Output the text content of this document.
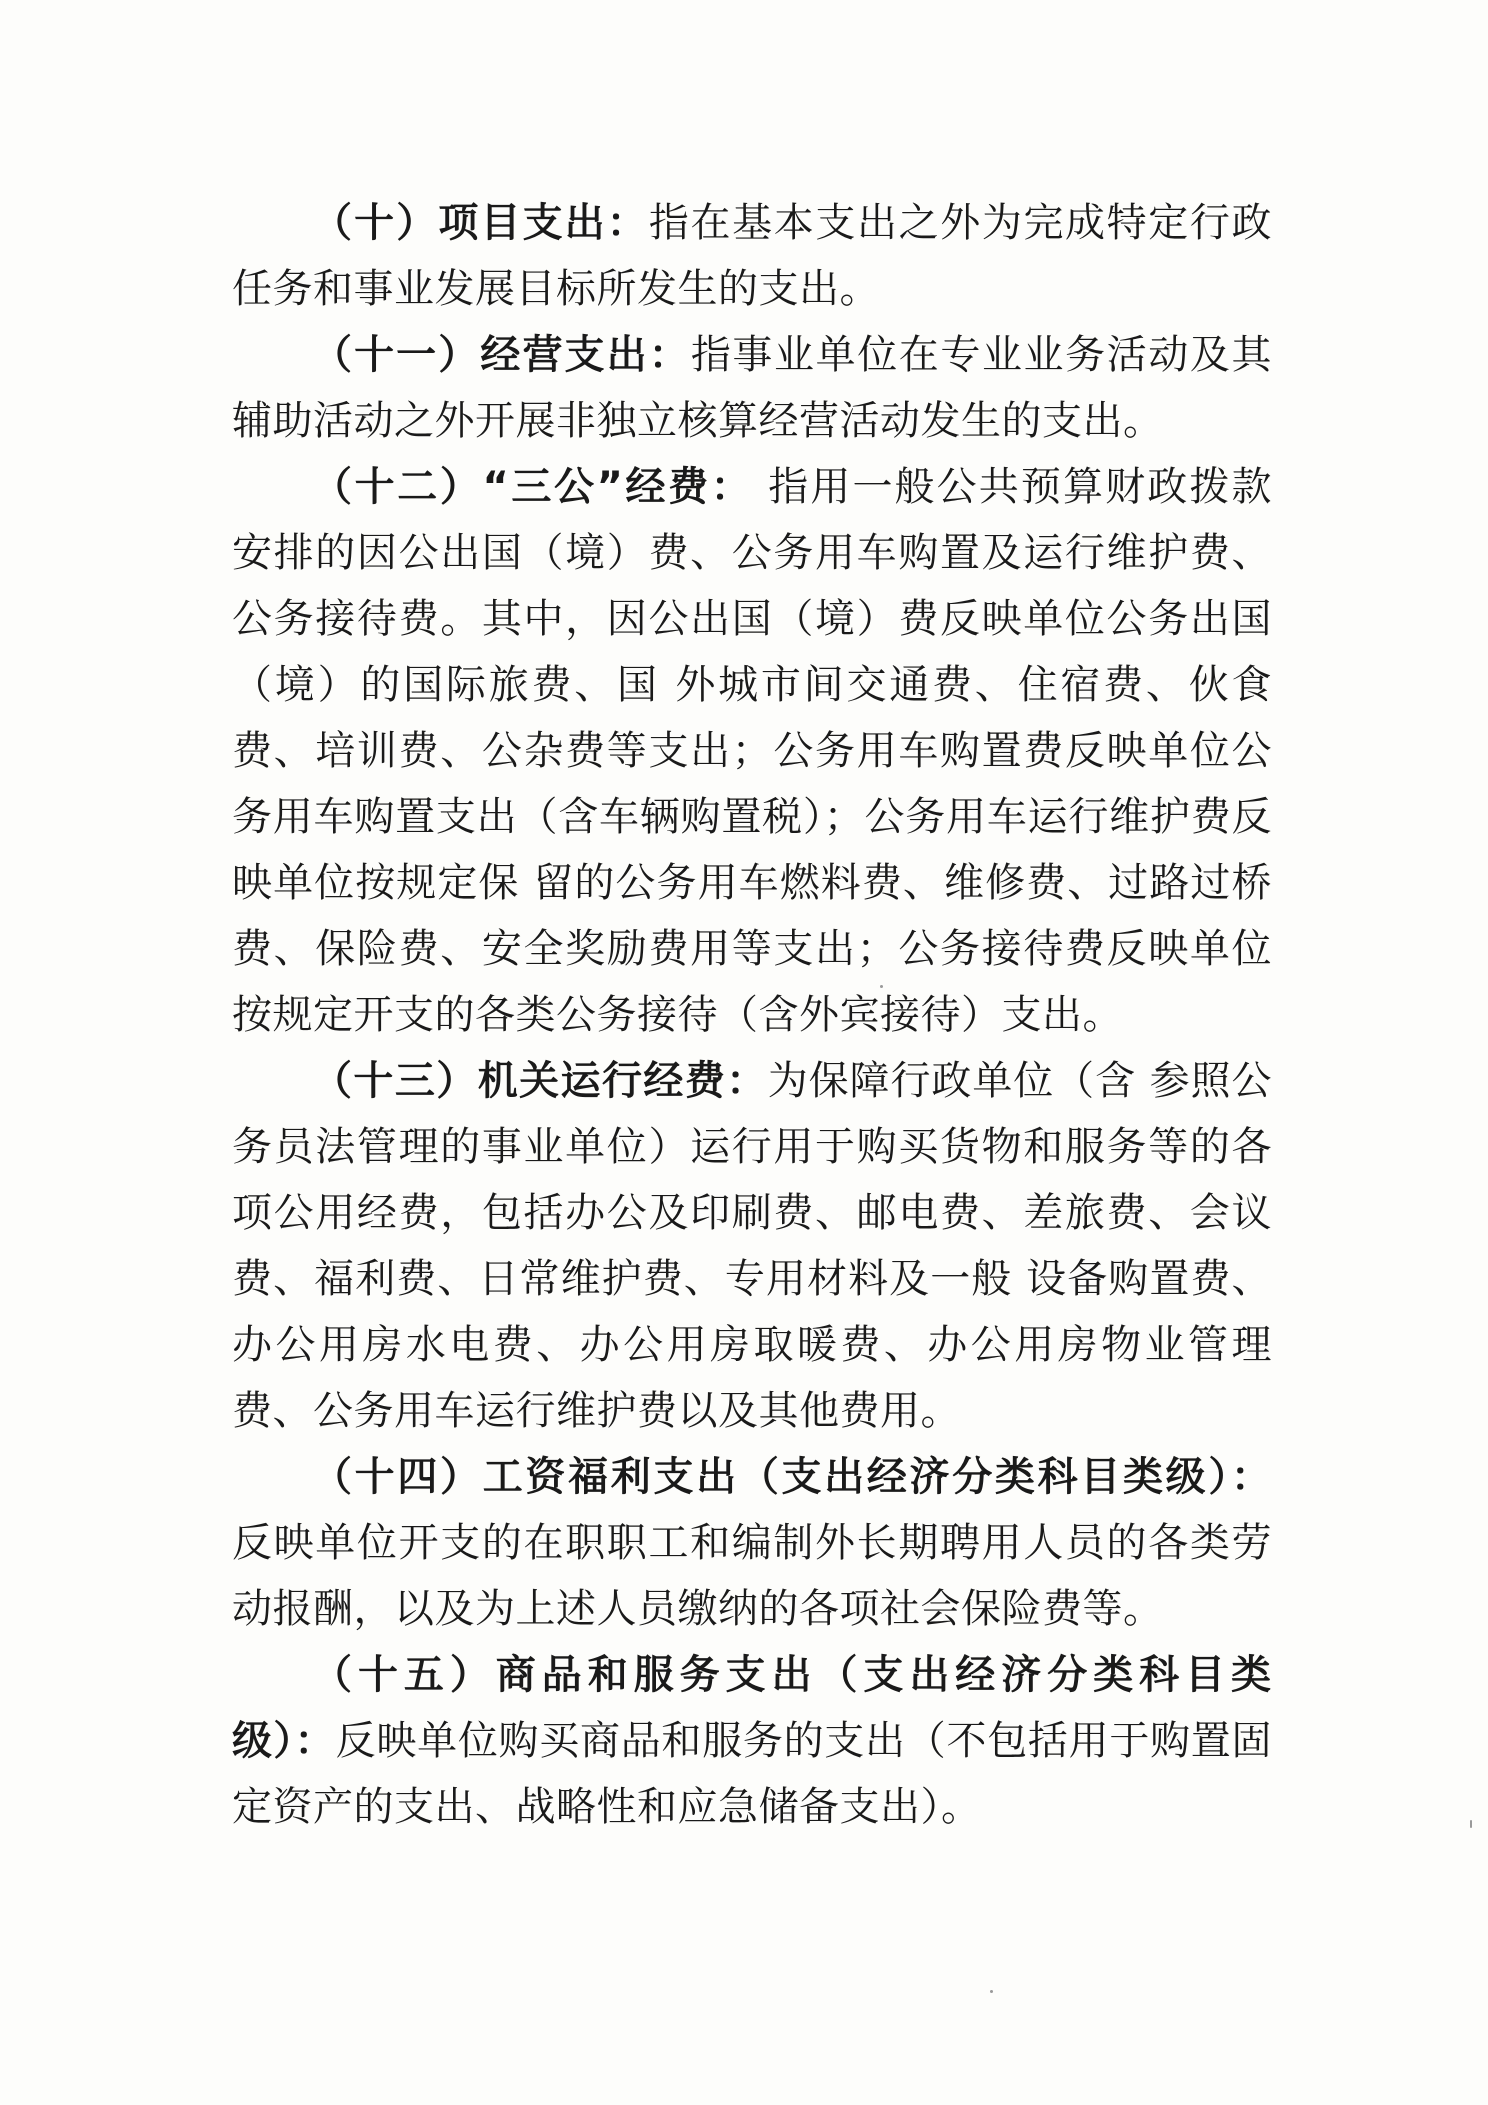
（十）项目支出：指在基本支出之外为完成特定行政任务和事业发展目标所发生的支出。

（十一）经营支出：指事业单位在专业业务活动及其辅助活动之外开展非独立核算经营活动发生的支出。

（十二）“三公”经费： 指用一般公共预算财政拨款安排的因公出国（境）费、公务用车购置及运行维护费、公务接待费。其中，因公出国（境）费反映单位公务出国（境）的国际旅费、国 外城市间交通费、住宿费、伙食费、培训费、公杂费等支出；公务用车购置费反映单位公务用车购置支出（含车辆购置税）；公务用车运行维护费反映单位按规定保 留的公务用车燃料费、维修费、过路过桥费、保险费、安全奖励费用等支出；公务接待费反映单位按规定开支的各类公务接待（含外宾接待）支出。

（十三）机关运行经费：为保障行政单位（含 参照公务员法管理的事业单位）运行用于购买货物和服务等的各项公用经费，包括办公及印刷费、邮电费、差旅费、会议费、福利费、日常维护费、专用材料及一般 设备购置费、办公用房水电费、办公用房取暖费、办公用房物业管理费、公务用车运行维护费以及其他费用。

（十四）工资福利支出（支出经济分类科目类级）：反映单位开支的在职职工和编制外长期聘用人员的各类劳动报酬，以及为上述人员缴纳的各项社会保险费等。

（十五）商品和服务支出（支出经济分类科目类级）：反映单位购买商品和服务的支出（不包括用于购置固定资产的支出、战略性和应急储备支出）。
